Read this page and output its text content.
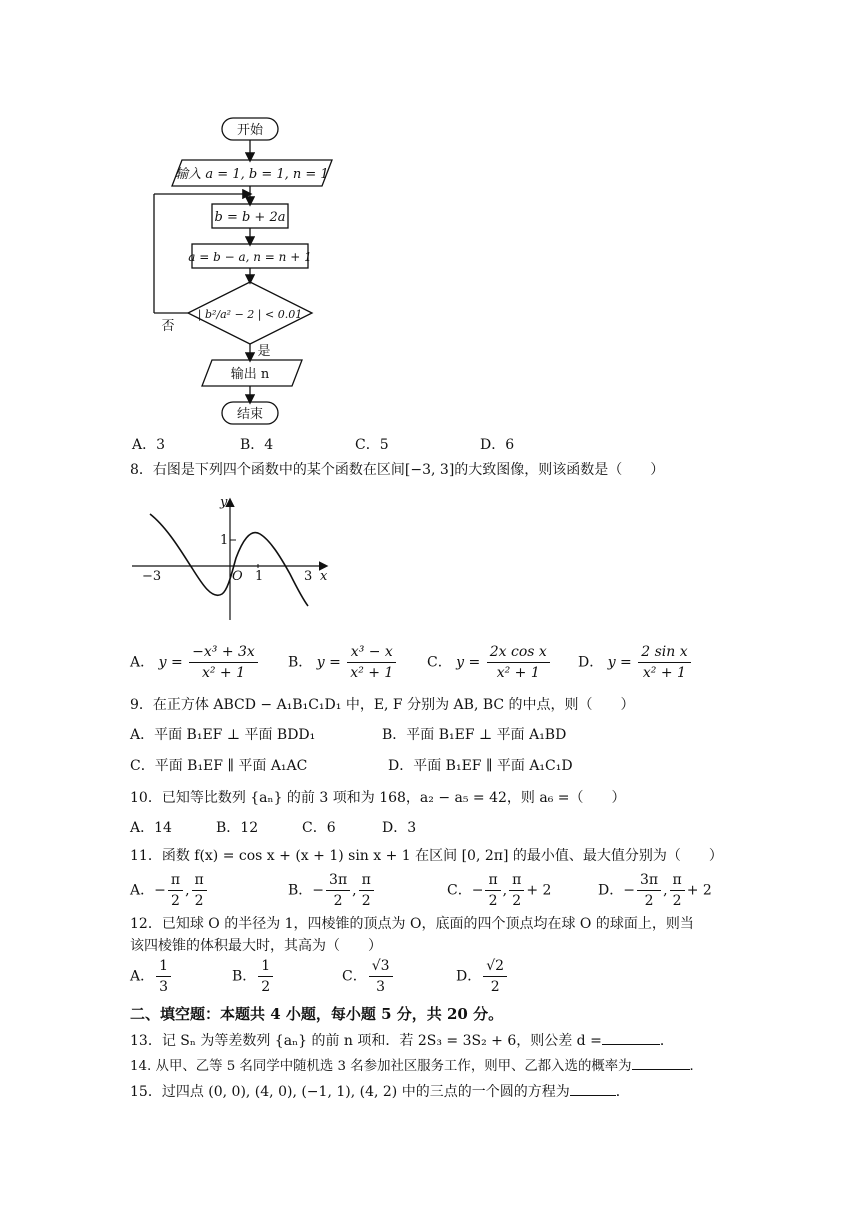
开始
输入 a = 1, b = 1, n = 1
b = b + 2a
a = b − a, n = n + 1
| b²/a² − 2 | < 0.01
否
是
输出 n
结束
A．3	B．4	C．5	D．6
8．右图是下列四个函数中的某个函数在区间[−3, 3]的大致图像，则该函数是（　　）
y
x
−3	3
1
1
O
A． $y = \frac{\text{−x³ + 3x}}{\text{x² + 1}}$ B． $y = \frac{\text{x³ − x}}{\text{x² + 1}}$ C． $y = \frac{\text{2x cos x}}{\text{x² + 1}}$ D． $y = \frac{\text{2 sin x}}{\text{x² + 1}}$
9．在正方体 ABCD − A₁B₁C₁D₁ 中，E, F 分别为 AB, BC 的中点，则（　　）
A．平面 B₁EF ⊥ 平面 BDD₁	B．平面 B₁EF ⊥ 平面 A₁BD
C．平面 B₁EF ∥ 平面 A₁AC	D．平面 B₁EF ∥ 平面 A₁C₁D
10．已知等比数列 {aₙ} 的前 3 项和为 168，a₂ − a₅ = 42，则 a₆ =（　　）
A．14	B．12	C．6	D．3
11．函数 f(x) = cos x + (x + 1) sin x + 1 在区间 [0, 2π] 的最小值、最大值分别为（　　）
A．− $\frac{\pi}{2}$ , $\frac{\pi}{2}$	B．− $\frac{3\pi}{2}$ , $\frac{\pi}{2}$	C．− $\frac{\pi}{2}$ , $\frac{\pi}{2} + 2$	D．− $\frac{3\pi}{2}$ , $\frac{\pi}{2} + 2$
12．已知球 O 的半径为 1，四棱锥的顶点为 O，底面的四个顶点均在球 O 的球面上，则当
该四棱锥的体积最大时，其高为（　　）
A． $\frac{1}{3}$	B． $\frac{1}{2}$	C． $\frac{√3}{3}$	D． $\frac{√2}{2}$
二、填空题：本题共 4 小题，每小题 5 分，共 20 分。
13．记 Sₙ 为等差数列 {aₙ} 的前 n 项和．若 2S₃ = 3S₂ + 6，则公差 d =	．
14. 从甲、乙等 5 名同学中随机选 3 名参加社区服务工作，则甲、乙都入选的概率为	．
15．过四点 (0, 0), (4, 0), (−1, 1), (4, 2) 中的三点的一个圆的方程为	．
